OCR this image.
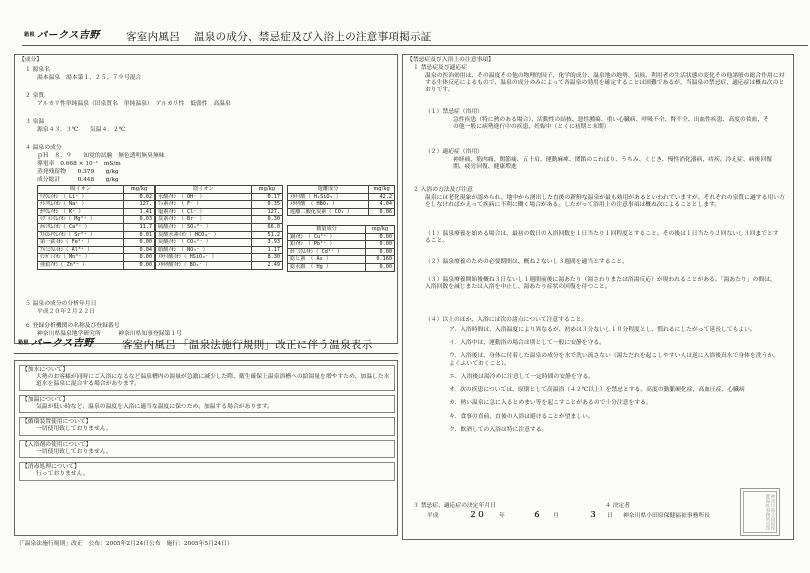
箱根 パークス吉野 客室内風呂 温泉の成分、禁忌症及び入浴上の注意事項掲示証
【成分】
１ 源泉名
湯本温泉　湯本第１、２５、７９号混合
２ 泉質
アルカリ性単純温泉（旧泉質名　単純温泉）　アルカリ性　低張性　高温泉
３ 泉温
源泉４３．３℃　　気温４．２℃
４ 温泉の成分
ｐＨ　８．９　　知覚的試験　無色透明無臭無味
導電率　0.668 × 10⁻¹　mS/m
蒸発残留物　　0.379　　g/kg
成分総計　　　0.448　　g/kg
陽イオン	mg/kg
ﾘﾁｳﾑｲｵﾝ　（ Li⁺ ）	0.02
ﾅﾄﾘｳﾑｲｵﾝ（ Na⁺ ）	127.
ｶﾘｳﾑｲｵﾝ　（ K⁺ ）	1.41
ﾏｸﾞﾈｼｳﾑｲｵﾝ（ Mg²⁺ ）	0.03
ｶﾙｼｳﾑｲｵﾝ（ Ca²⁺ ）	11.7
ｽﾄﾛﾝﾁｳﾑｲｵﾝ（ Sr²⁺ ）	0.01
第一鉄ｲｵﾝ（ Fe²⁺ ）	0.00
ｱﾙﾐﾆｳﾑｲｵﾝ（ Al³⁺ ）	0.04
ﾏﾝｶﾞﾝｲｵﾝ（ Mn²⁺ ）	0.00
亜鉛ｲｵﾝ（ Zn²⁺ ）	0.00
陰イオン	mg/kg
水酸ｲｵﾝ　（ OH⁻ ）	0.17
ﾌｯ素ｲｵﾝ　（ F⁻ ）	0.35
塩素ｲｵﾝ　（ Cl⁻ ）	127.
臭素ｲｵﾝ　（ Br⁻ ）	0.30
硫酸ｲｵﾝ　（ SO₄²⁻ ）	66.0
炭酸水素ｲｵﾝ（ HCO₃⁻ ）	51.2
炭酸ｲｵﾝ　（ CO₃²⁻ ）	3.93
硝酸ｲｵﾝ　（ NO₃⁻ ）	1.17
ﾒﾀｹｲ酸ｲｵﾝ（ HSiO₃⁻ ）	8.30
ﾒﾀﾎｳ酸ｲｵﾝ（ BO₂⁻ ）	2.49
遊離成分	mg/kg
ﾒﾀｹｲ酸（ H₂SiO₃ ）	42.2
ﾒﾀﾎｳ酸　（ HBO₂ ）	4.04
遊離二酸化炭素（ CO₂ ）	0.06
微量成分	mg/kg
銅ｲｵﾝ　（ Cu²⁺ ）	0.00
鉛ｲｵﾝ　（ Pb²⁺ ）	0.00
ｶﾄﾞﾐｳﾑｲｵﾝ（ Cd²⁺ ）	0.00
総ヒ素　（ As ）	0.160
総水銀　（ Hg ）	0.00
５ 温泉の成分の分析年月日
平成２０年２月２２日
６ 登録分析機関の名称及び登録番号
神奈川県温泉地学研究所　　　神奈川県知事登録第１号
箱根 パークス吉野	客室内風呂 「温泉法施行規則」改正に伴う温泉表示
【加水について】
大勢のお客様が同時にご入浴になるなど温泉槽内の湯量が急激に減少した際、衛生確保上温泉浴槽への給湯量を増やすため、加温した水道水を温泉に混合する場合があります。
【加温について】
気温が低い時など、温泉の温度を入浴に適当な温度に保つため、加温する場合があります。
【循環装置使用について】
一切使用致しておりません。
【入浴剤の使用について】
一切使用致しておりません。
【消毒処理について】
行っておりません。
（「温泉法施行規則」改正　公布：2005年2月24日公布　施行：2005年5月24日）
【禁忌症及び入浴上の注意事項】
１ 禁忌症及び適応症
温泉の医治効用は、その温度その他の物理的因子、化学的成分、温泉地の地勢、気候、利用者の生活状態の変化その他諸般の総合作用に対する生体反応によるもので、温泉の成分のみによって各温泉の効用を確定することは困難であるが、当温泉の禁忌症、適応症は概ね次のとおりです。
（１）禁忌症（浴用）
急性疾患（特に熱のある場合）、活動性の結核、悪性腫瘍、重い心臓病、呼吸不全、腎不全、出血性疾患、高度の貧血、その他一般に病勢進行中の疾患、妊娠中（とくに初期と末期）
（２）適応症（浴用）
神経痛、筋肉痛、関節痛、五十肩、運動麻痺、関節のこわばり、うちみ、くじき、慢性消化器病、痔疾、冷え症、病後回復期、疲労回復、健康増進
２ 入浴の方法及び注意
温泉には老化現象が認められ、地中から湧出した直後の新鮮な温泉が最も効用があるといわれていますが、それぞれの泉質に適する用い方をしなければかえって疾病に不利に働く場合がある。したがって浴用上の注意事項は概ね次によることとします。
（１）温泉療養を始める場合は、最初の数日の入浴回数を１日当たり１回程度とすること。その後は１日当たり２回ないし３回までとすること。
（２）温泉療養のための必要期間は、概ね２ないし３週間を適当とすること。
（３）温泉療養開始後概ね３日ないし１週間前後に湯あたり（湯さわりまたは浴湯反応）が現われることがある。「湯あたり」の間は、入浴回数を減じまたは入浴を中止し、湯あたり症状の回復を待つこと。
（４）以上のほか、入浴には次の諸点について注意すること。
ア．入浴時間は、入浴温度により異なるが、初めは３分ないし１０分程度とし、慣れるにしたがって延長してもよい。
イ．入浴中は、運動浴の場合は別として一般に安静を守る。
ウ．入浴後は、身体に付着した温泉の成分を水で洗い流さない（湯ただれを起こしやすい人は逆に入浴後真水で身体を洗うか、よくふいておくこと）。
エ．入浴後は湯冷めに注意して一定時間の安静を守る。
オ．次の疾患については、原則として高温浴（４２℃以上）を禁忌とする。高度の動脈硬化症、高血圧症、心臓病
カ．熱い温泉に急に入るとめまい等を起こすことがあるので十分注意をする。
キ．食事の直前、直後の入浴は避けることが望ましい。
ク．飲酒しての入浴は特に注意する。
３ 禁忌症、適応症の決定年月日
平成	２０ 年	６ 月	３ 日
４ 決定者
神奈川県小田原保健福祉事務所長	神奈川県小田原保健福祉事務所長印
